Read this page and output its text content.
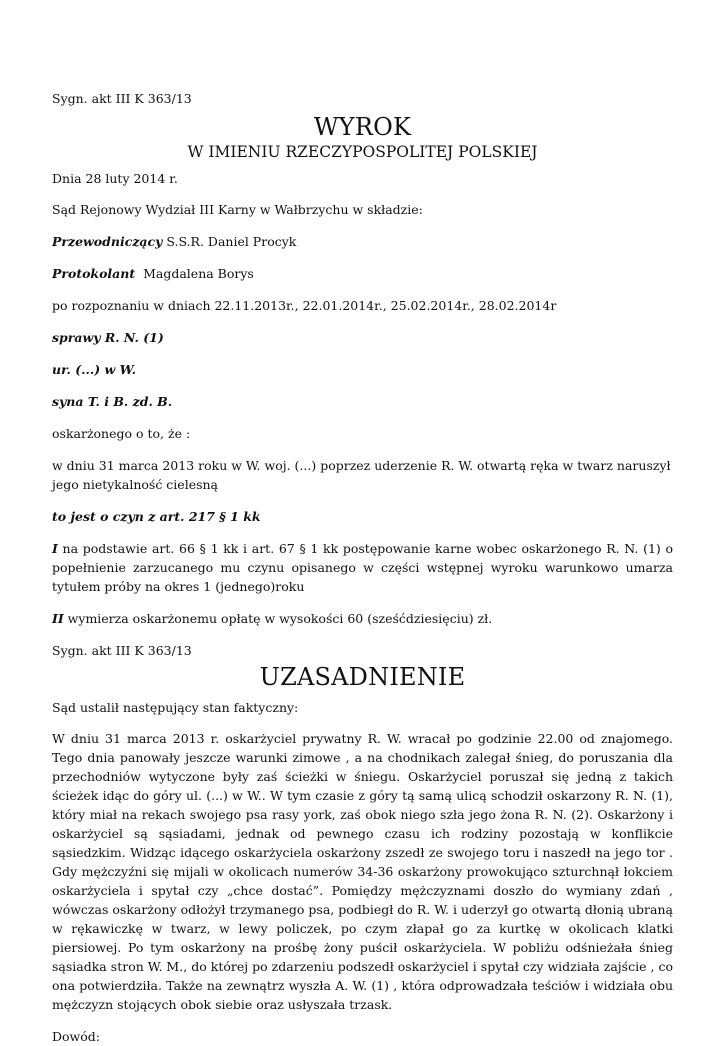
Sygn. akt III K 363/13

WYROK

W IMIENIU RZECZYPOSPOLITEJ POLSKIEJ

Dnia 28 luty 2014 r.

Sąd Rejonowy Wydział III Karny w Wałbrzychu w składzie:

Przewodniczący S.S.R. Daniel Procyk

Protokolant  Magdalena Borys

po rozpoznaniu w dniach 22.11.2013r., 22.01.2014r., 25.02.2014r., 28.02.2014r

sprawy R. N. (1)

ur. (...) w W.

syna T. i B. zd. B.

oskarżonego o to, że :

w dniu 31 marca 2013 roku w W. woj. (...) poprzez uderzenie R. W. otwartą ręka w twarz naruszył jego nietykalność cielesną

to jest o czyn z art. 217 § 1 kk

I na podstawie art. 66 § 1 kk i art. 67 § 1 kk postępowanie karne wobec oskarżonego R. N. (1) o popełnienie zarzucanego mu czynu opisanego w części wstępnej wyroku warunkowo umarza tytułem próby na okres 1 (jednego)roku

II wymierza oskarżonemu opłatę w wysokości 60 (sześćdziesięciu) zł.

Sygn. akt III K 363/13

UZASADNIENIE

Sąd ustalił następujący stan faktyczny:

W dniu 31 marca 2013 r. oskarżyciel prywatny R. W. wracał po godzinie 22.00 od znajomego. Tego dnia panowały jeszcze warunki zimowe , a na chodnikach zalegał śnieg, do poruszania dla przechodniów wytyczone były zaś ścieżki w śniegu. Oskarżyciel poruszał się jedną z takich ścieżek idąc do góry ul. (...) w W.. W tym czasie z góry tą samą ulicą schodził oskarzony R. N. (1), który miał na rekach swojego psa rasy york, zaś obok niego szła jego żona R. N. (2). Oskarżony i oskarżyciel są sąsiadami, jednak od pewnego czasu ich rodziny pozostają w konflikcie sąsiedzkim. Widząc idącego oskarżyciela oskarżony zszedł ze swojego toru i naszedł na jego tor . Gdy mężczyźni się mijali w okolicach numerów 34-36 oskarżony prowokująco szturchnął łokciem oskarżyciela i spytał czy „chce dostać”. Pomiędzy mężczyznami doszło do wymiany zdań , wówczas oskarżony odłożył trzymanego psa, podbiegł do R. W. i uderzył go otwartą dłonią ubraną w rękawiczkę w twarz, w lewy policzek, po czym złapał go za kurtkę w okolicach klatki piersiowej. Po tym oskarżony na prośbę żony puścił oskarżyciela. W pobliżu odśnieżała śnieg sąsiadka stron W. M., do której po zdarzeniu podszedł oskarżyciel i spytał czy widziała zajście , co ona potwierdziła. Także na zewnątrz wyszła A. W. (1) , która odprowadzała teściów i widziała obu mężczyzn stojących obok siebie oraz usłyszała trzask.

Dowód:
